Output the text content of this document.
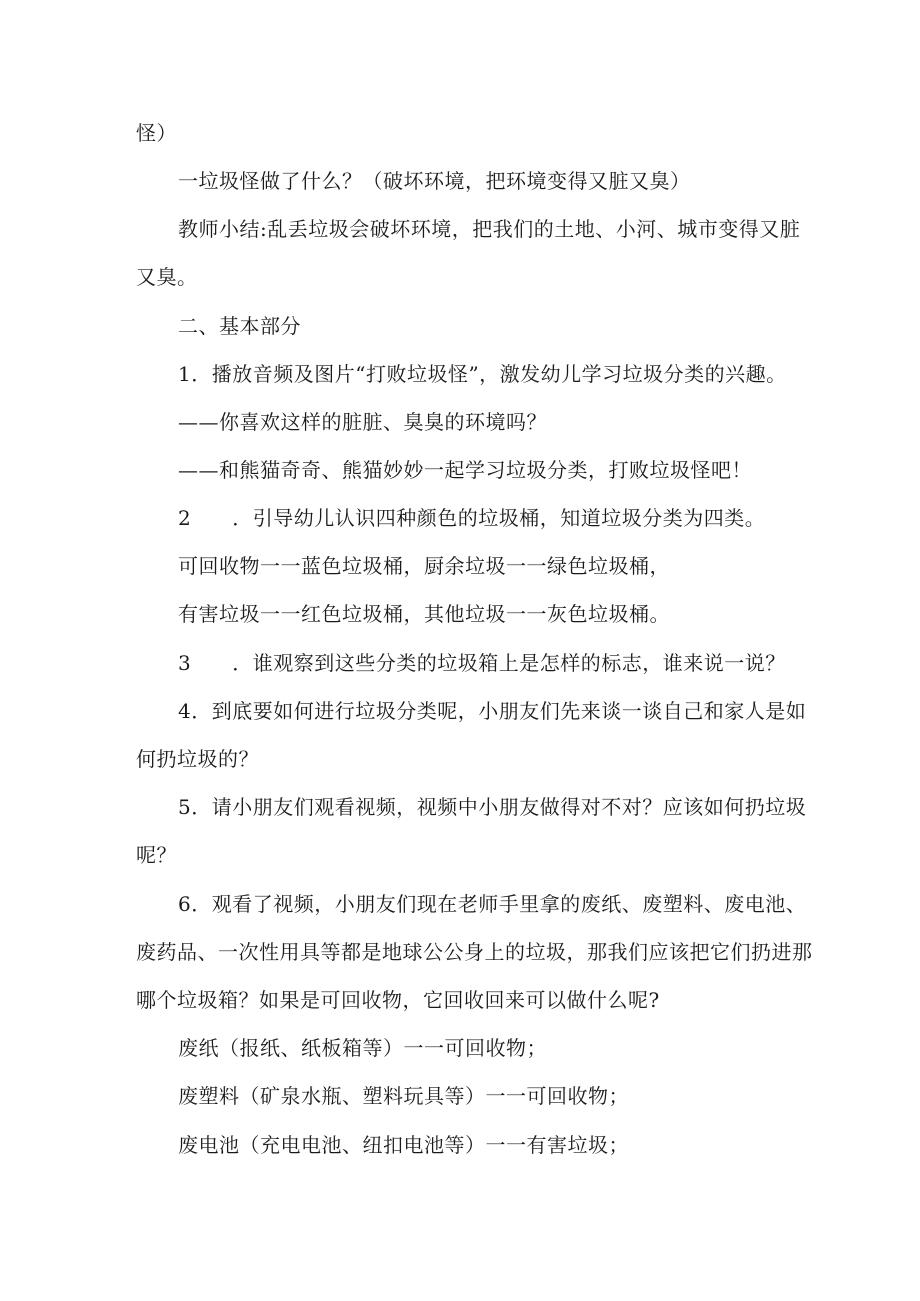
怪）
一垃圾怪做了什么？（破坏环境，把环境变得又脏又臭）
教师小结:乱丢垃圾会破坏环境，把我们的土地、小河、城市变得又脏
又臭。
二、基本部分
1．播放音频及图片“打败垃圾怪”，激发幼儿学习垃圾分类的兴趣。
——你喜欢这样的脏脏、臭臭的环境吗？
——和熊猫奇奇、熊猫妙妙一起学习垃圾分类，打败垃圾怪吧！
2　　．引导幼儿认识四种颜色的垃圾桶，知道垃圾分类为四类。
可回收物一一蓝色垃圾桶，厨余垃圾一一绿色垃圾桶，
有害垃圾一一红色垃圾桶，其他垃圾一一灰色垃圾桶。
3　　．谁观察到这些分类的垃圾箱上是怎样的标志，谁来说一说？
4．到底要如何进行垃圾分类呢，小朋友们先来谈一谈自己和家人是如
何扔垃圾的？
5．请小朋友们观看视频，视频中小朋友做得对不对？应该如何扔垃圾
呢？
6．观看了视频，小朋友们现在老师手里拿的废纸、废塑料、废电池、
废药品、一次性用具等都是地球公公身上的垃圾，那我们应该把它们扔进那
哪个垃圾箱？如果是可回收物，它回收回来可以做什么呢?
废纸（报纸、纸板箱等）一一可回收物；
废塑料（矿泉水瓶、塑料玩具等）一一可回收物；
废电池（充电电池、纽扣电池等）一一有害垃圾；
